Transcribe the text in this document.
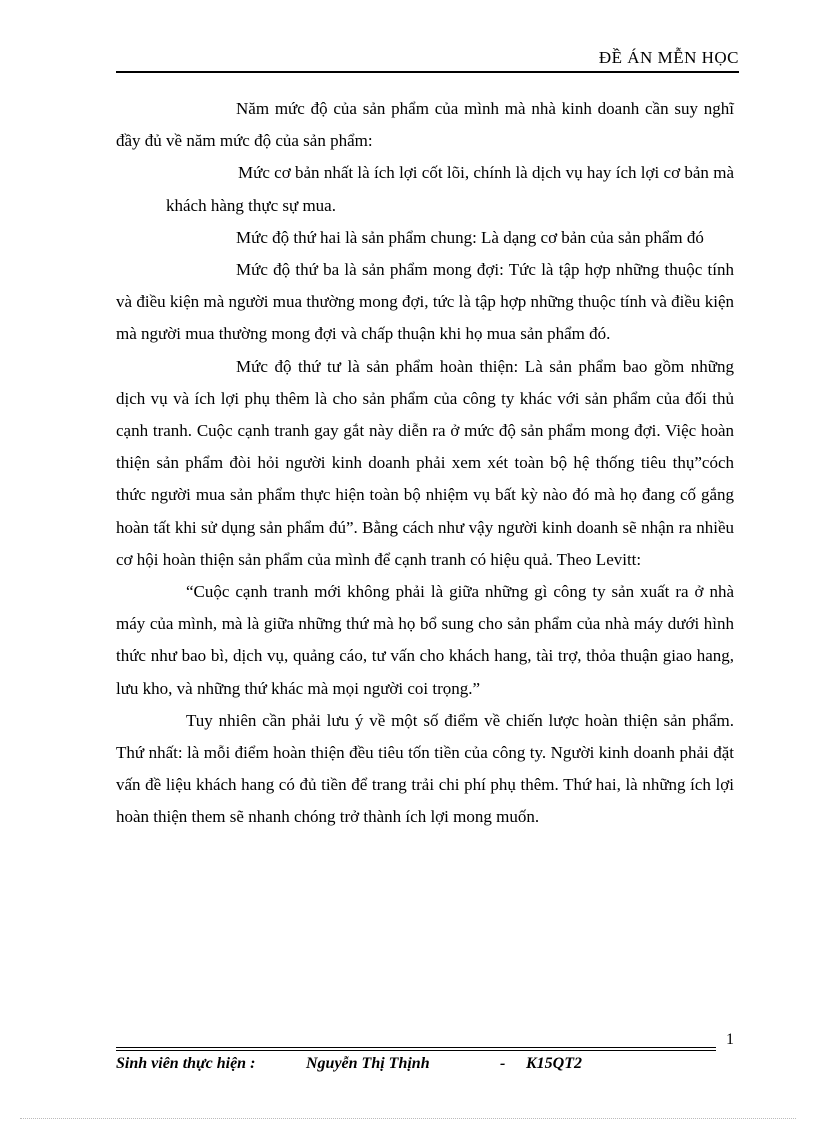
ĐỀ ÁN MỄN HỌC

Năm mức độ của sản phẩm của mình mà nhà kinh doanh cần suy nghĩ đầy đủ về năm mức độ của sản phẩm:

Mức cơ bản nhất là ích lợi cốt lõi, chính là dịch vụ hay ích lợi cơ bản mà khách hàng thực sự mua.

Mức độ thứ hai là sản phẩm chung: Là dạng cơ bản của sản phẩm đó

Mức độ thứ ba là sản phẩm mong đợi: Tức là tập hợp những thuộc tính và điều kiện mà người mua thường mong đợi, tức là tập hợp những thuộc tính và điều kiện mà người mua thường mong đợi và chấp thuận khi họ mua sản phẩm đó.

Mức độ thứ tư là sản phẩm hoàn thiện: Là sản phẩm bao gồm những dịch vụ và ích lợi phụ thêm là cho sản phẩm của công ty khác với sản phẩm của đối thủ cạnh tranh. Cuộc cạnh tranh gay gắt này diễn ra ở mức độ sản phẩm mong đợi. Việc hoàn thiện sản phẩm đòi hỏi người kinh doanh phải xem xét toàn bộ hệ thống tiêu thụ”cóch thức người mua sản phẩm thực hiện toàn bộ nhiệm vụ bất kỳ nào đó mà họ đang cố gắng hoàn tất khi sử dụng sản phẩm đú”. Bằng cách như vậy người kinh doanh sẽ nhận ra nhiều cơ hội hoàn thiện sản phẩm của mình để cạnh tranh có hiệu quả. Theo Levitt:

“Cuộc cạnh tranh mới không phải là giữa những gì công ty sản xuất ra ở nhà máy của mình, mà là giữa những thứ mà họ bổ sung cho sản phẩm của nhà máy dưới hình thức như bao bì, dịch vụ, quảng cáo, tư vấn cho khách hang, tài trợ, thỏa thuận giao hang, lưu kho, và những thứ khác mà mọi người coi trọng.”

Tuy nhiên cần phải lưu ý về một số điểm về chiến lược hoàn thiện sản phẩm. Thứ nhất: là mỗi điểm hoàn thiện đều tiêu tốn tiền của công ty. Người kinh doanh phải đặt vấn đề liệu khách hang có đủ tiền để trang trải chi phí phụ thêm. Thứ hai, là những ích lợi hoàn thiện them sẽ nhanh chóng trở thành ích lợi mong muốn.

1
Sinh viên thực hiện :	Nguyễn Thị Thịnh	- K15QT2
